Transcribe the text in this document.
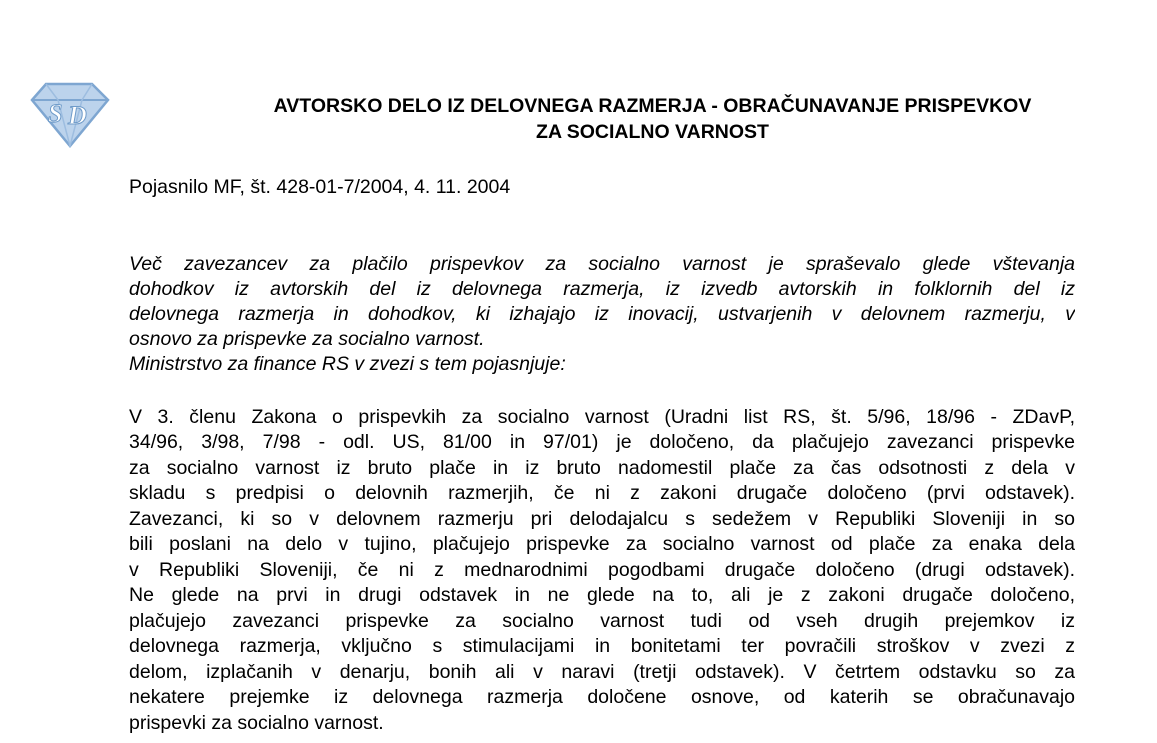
S D	AVTORSKO DELO IZ DELOVNEGA RAZMERJA - OBRAČUNAVANJE PRISPEVKOV
ZA SOCIALNO VARNOST
Pojasnilo MF, št. 428-01-7/2004, 4. 11. 2004
Več zavezancev za plačilo prispevkov za socialno varnost je spraševalo glede vštevanja
dohodkov iz avtorskih del iz delovnega razmerja, iz izvedb avtorskih in folklornih del iz
delovnega razmerja in dohodkov, ki izhajajo iz inovacij, ustvarjenih v delovnem razmerju, v
osnovo za prispevke za socialno varnost.
Ministrstvo za finance RS v zvezi s tem pojasnjuje:
V 3. členu Zakona o prispevkih za socialno varnost (Uradni list RS, št. 5/96, 18/96 - ZDavP,
34/96, 3/98, 7/98 - odl. US, 81/00 in 97/01) je določeno, da plačujejo zavezanci prispevke
za socialno varnost iz bruto plače in iz bruto nadomestil plače za čas odsotnosti z dela v
skladu s predpisi o delovnih razmerjih, če ni z zakoni drugače določeno (prvi odstavek).
Zavezanci, ki so v delovnem razmerju pri delodajalcu s sedežem v Republiki Sloveniji in so
bili poslani na delo v tujino, plačujejo prispevke za socialno varnost od plače za enaka dela
v Republiki Sloveniji, če ni z mednarodnimi pogodbami drugače določeno (drugi odstavek).
Ne glede na prvi in drugi odstavek in ne glede na to, ali je z zakoni drugače določeno,
plačujejo zavezanci prispevke za socialno varnost tudi od vseh drugih prejemkov iz
delovnega razmerja, vključno s stimulacijami in bonitetami ter povračili stroškov v zvezi z
delom, izplačanih v denarju, bonih ali v naravi (tretji odstavek). V četrtem odstavku so za
nekatere prejemke iz delovnega razmerja določene osnove, od katerih se obračunavajo
prispevki za socialno varnost.
